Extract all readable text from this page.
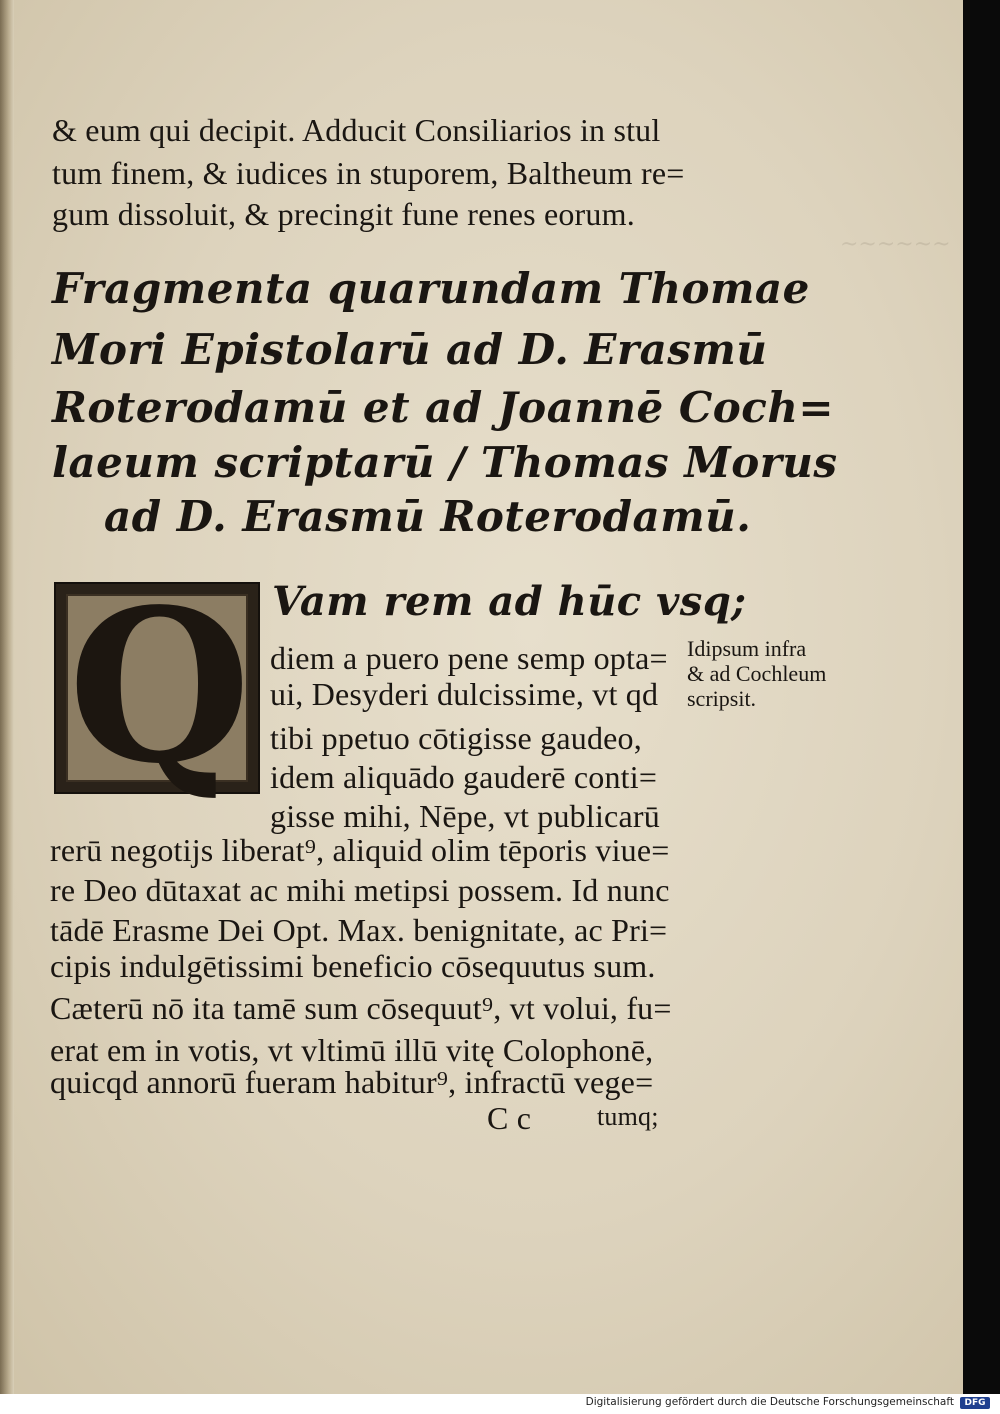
~~~~~~
& eum qui decipit. Adducit Consiliarios in stul
tum finem, & iudices in stuporem, Baltheum re=
gum dissoluit, & precingit fune renes eorum.
Fragmenta quarundam Thomae
Mori Epistolarū ad D. Erasmū
Roterodamū et ad Joannē Coch=
laeum scriptarū / Thomas Morus
ad D. Erasmū Roterodamū.
Q Vam rem ad hūc vsq;
diem a puero pene semp opta=
ui, Desyderi dulcissime, vt qd
tibi ppetuo cōtigisse gaudeo,
idem aliquādo gauderē conti=
gisse mihi, Nēpe, vt publicarū
rerū negotijs liberat⁹, aliquid olim tēporis viue=
re Deo dūtaxat ac mihi metipsi possem. Id nunc
tādē Erasme Dei Opt. Max. benignitate, ac Pri=
cipis indulgētissimi beneficio cōsequutus sum.
Cæterū nō ita tamē sum cōsequut⁹, vt volui, fu=
erat em in votis, vt vltimū illū vitę Colophonē,
quicqd annorū fueram habitur⁹, infractū vege=
C c	tumq;
Idipsum infra
& ad Cochleum
scripsit.
Digitalisierung gefördert durch die Deutsche Forschungsgemeinschaft	DFG
